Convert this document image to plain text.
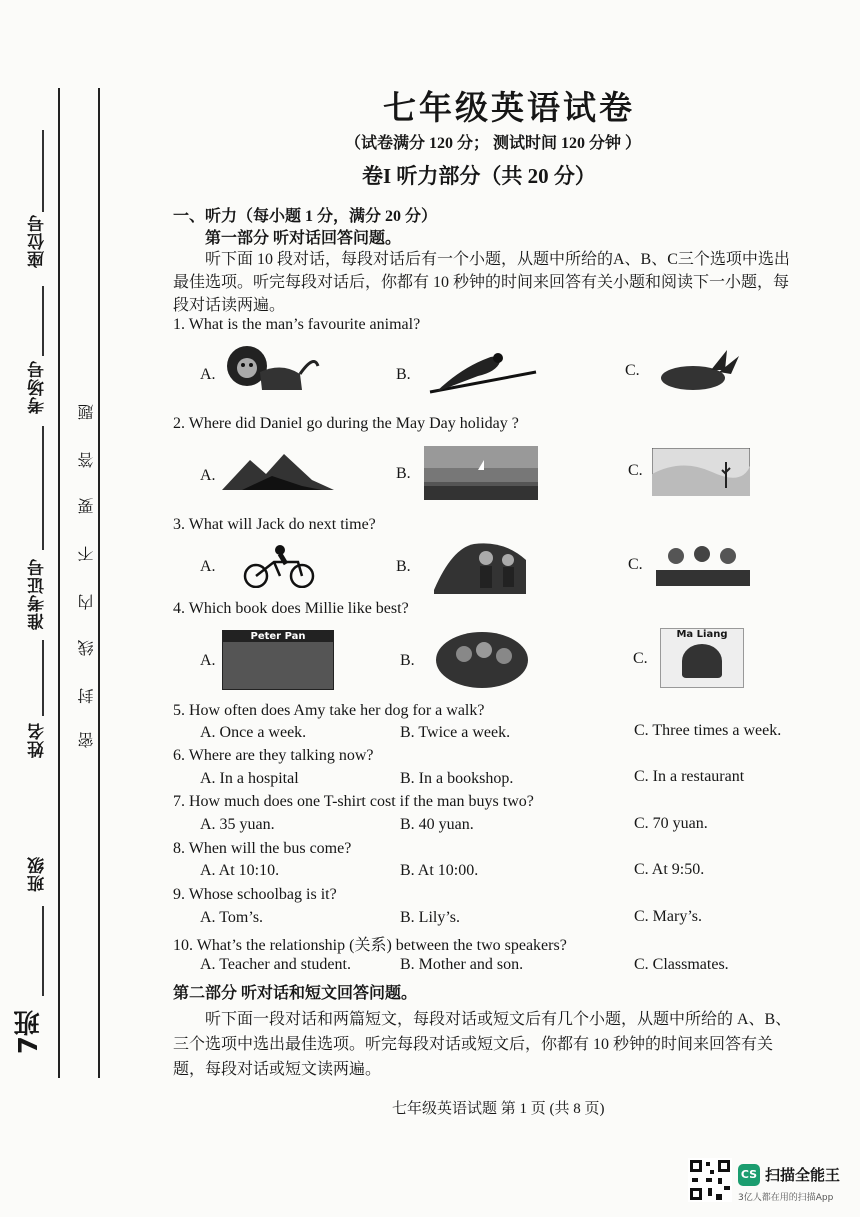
座位号
考场号
准考证号
姓名
班级
7班
密
封
线
内
不
要
答
题
七年级英语试卷
（试卷满分 120 分； 测试时间 120 分钟 ）
卷I 听力部分（共 20 分）
一、听力（每小题 1 分，满分 20 分）
第一部分 听对话回答问题。
听下面 10 段对话，每段对话后有一个小题，从题中所给的A、B、C三个选项中选出
最佳选项。听完每段对话后，你都有 10 秒钟的时间来回答有关小题和阅读下一小题，每
段对话读两遍。
1. What is the man’s favourite animal?
A.	B.	C.
2. Where did Daniel go during the May Day holiday ?
A.	B.	C.
3. What will Jack do next time?
A.	B.	C.
4. Which book does Millie like best?
A.
Peter Pan
B.	C.
Ma Liang
5. How often does Amy take her dog for a walk?
A. Once a week.	B. Twice a week.	C. Three times a week.
6. Where are they talking now?
A. In a hospital	B. In a bookshop.	C. In a restaurant
7. How much does one T-shirt cost if the man buys two?
A. 35 yuan.	B. 40 yuan.	C. 70 yuan.
8. When will the bus come?
A. At 10:10.	B. At 10:00.	C. At 9:50.
9. Whose schoolbag is it?
A. Tom’s.	B. Lily’s.	C. Mary’s.
10. What’s the relationship (关系) between the two speakers?
A. Teacher and student.	B. Mother and son.	C. Classmates.
第二部分 听对话和短文回答问题。
听下面一段对话和两篇短文，每段对话或短文后有几个小题，从题中所给的 A、B、
三个选项中选出最佳选项。听完每段对话或短文后，你都有 10 秒钟的时间来回答有关
题，每段对话或短文读两遍。
七年级英语试题 第 1 页 (共 8 页)
CS 扫描全能王
3亿人都在用的扫描App
